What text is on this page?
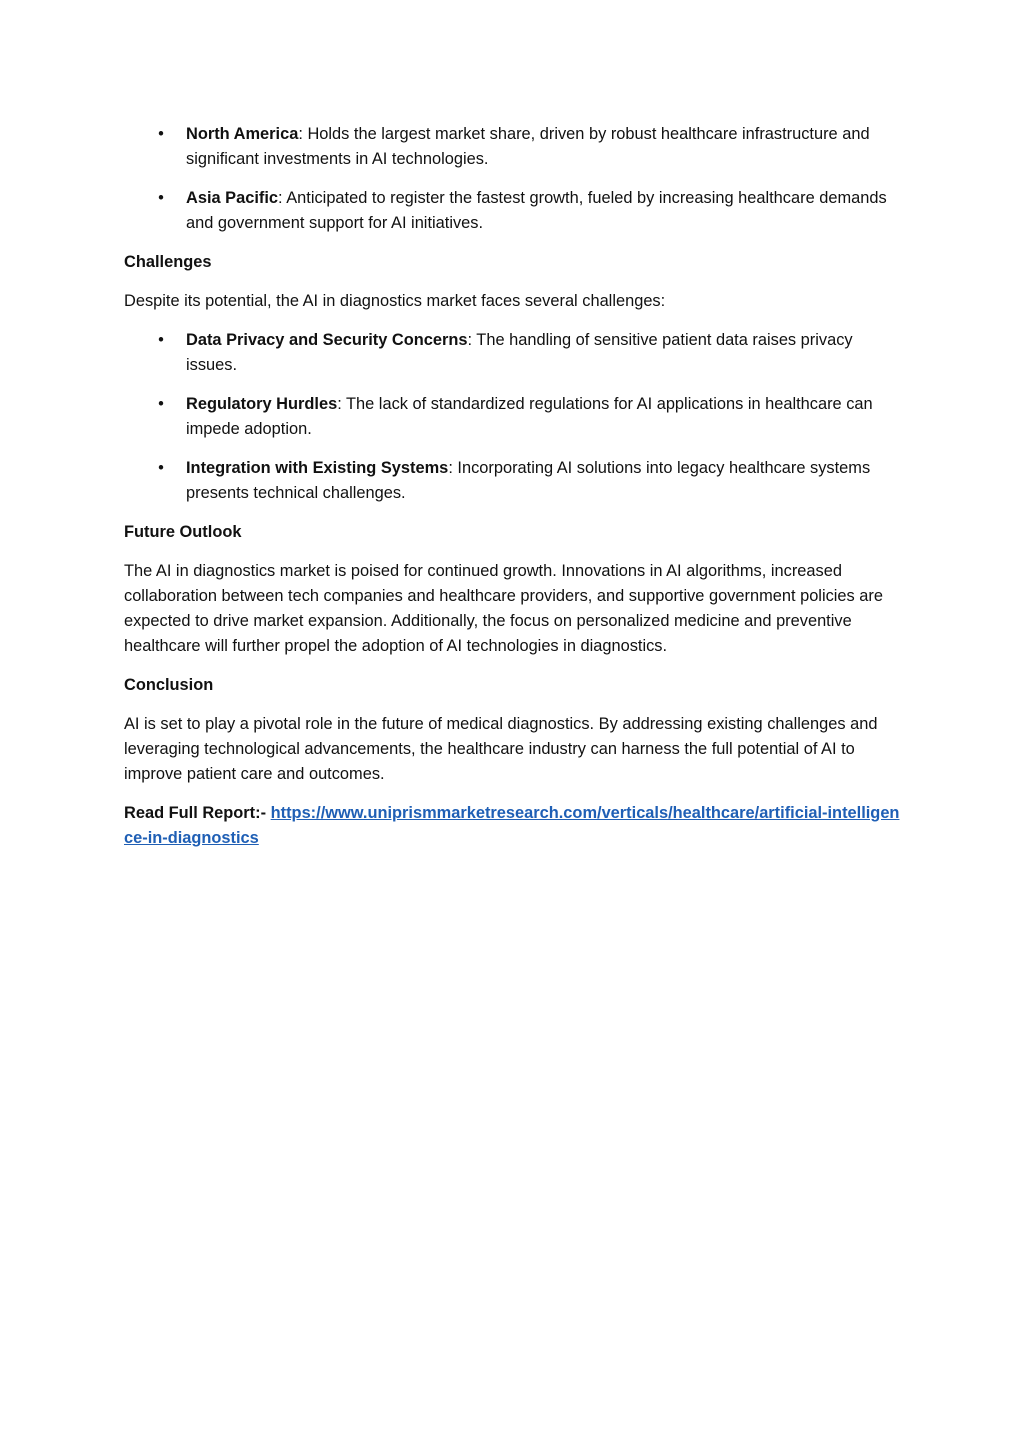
• North America: Holds the largest market share, driven by robust healthcare infrastructure and significant investments in AI technologies.
• Asia Pacific: Anticipated to register the fastest growth, fueled by increasing healthcare demands and government support for AI initiatives.
Challenges

Despite its potential, the AI in diagnostics market faces several challenges:

• Data Privacy and Security Concerns: The handling of sensitive patient data raises privacy issues.
• Regulatory Hurdles: The lack of standardized regulations for AI applications in healthcare can impede adoption.
• Integration with Existing Systems: Incorporating AI solutions into legacy healthcare systems presents technical challenges.
Future Outlook

The AI in diagnostics market is poised for continued growth. Innovations in AI algorithms, increased collaboration between tech companies and healthcare providers, and supportive government policies are expected to drive market expansion. Additionally, the focus on personalized medicine and preventive healthcare will further propel the adoption of AI technologies in diagnostics.

Conclusion

AI is set to play a pivotal role in the future of medical diagnostics. By addressing existing challenges and leveraging technological advancements, the healthcare industry can harness the full potential of AI to improve patient care and outcomes.

Read Full Report:- https://www.uniprismmarketresearch.com/verticals/healthcare/artificial-intelligence-in-diagnostics
